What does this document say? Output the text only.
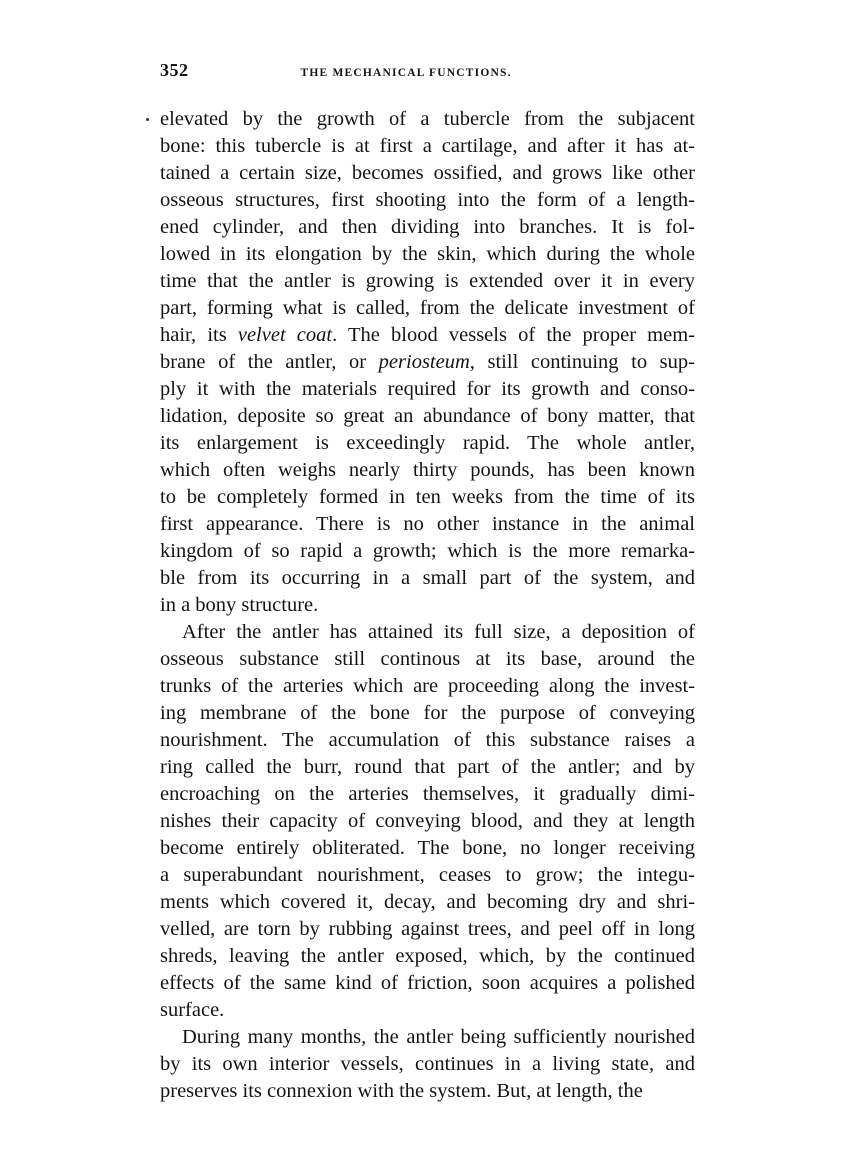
352	THE MECHANICAL FUNCTIONS.
elevated by the growth of a tubercle from the subjacent
bone: this tubercle is at first a cartilage, and after it has at-
tained a certain size, becomes ossified, and grows like other
osseous structures, first shooting into the form of a length-
ened cylinder, and then dividing into branches. It is fol-
lowed in its elongation by the skin, which during the whole
time that the antler is growing is extended over it in every
part, forming what is called, from the delicate investment of
hair, its velvet coat. The blood vessels of the proper mem-
brane of the antler, or periosteum, still continuing to sup-
ply it with the materials required for its growth and conso-
lidation, deposite so great an abundance of bony matter, that
its enlargement is exceedingly rapid. The whole antler,
which often weighs nearly thirty pounds, has been known
to be completely formed in ten weeks from the time of its
first appearance. There is no other instance in the animal
kingdom of so rapid a growth; which is the more remarka-
ble from its occurring in a small part of the system, and
in a bony structure.
After the antler has attained its full size, a deposition of
osseous substance still continous at its base, around the
trunks of the arteries which are proceeding along the invest-
ing membrane of the bone for the purpose of conveying
nourishment. The accumulation of this substance raises a
ring called the burr, round that part of the antler; and by
encroaching on the arteries themselves, it gradually dimi-
nishes their capacity of conveying blood, and they at length
become entirely obliterated. The bone, no longer receiving
a superabundant nourishment, ceases to grow; the integu-
ments which covered it, decay, and becoming dry and shri-
velled, are torn by rubbing against trees, and peel off in long
shreds, leaving the antler exposed, which, by the continued
effects of the same kind of friction, soon acquires a polished
surface.
During many months, the antler being sufficiently nourished
by its own interior vessels, continues in a living state, and
preserves its connexion with the system. But, at length, the
